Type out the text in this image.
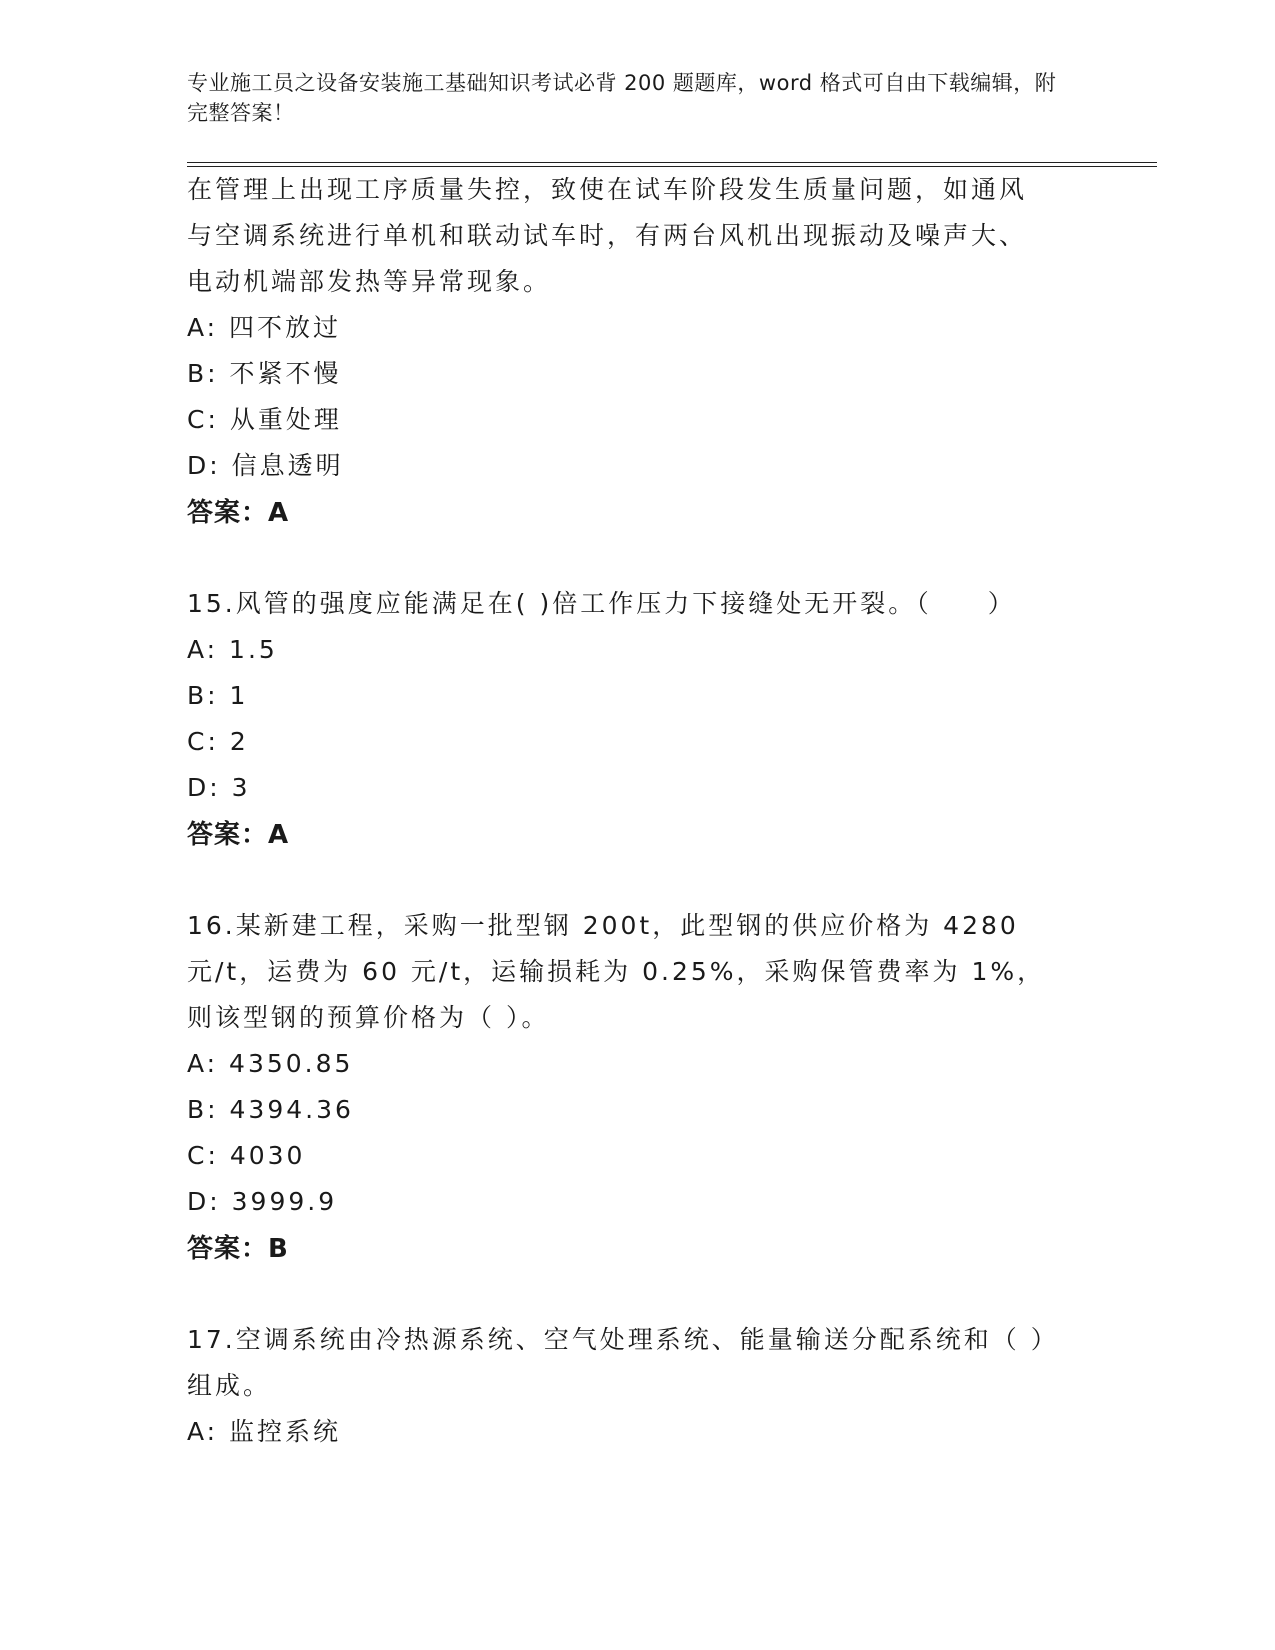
专业施工员之设备安装施工基础知识考试必背 200 题题库，word 格式可自由下载编辑，附完整答案！

在管理上出现工序质量失控，致使在试车阶段发生质量问题，如通风与空调系统进行单机和联动试车时，有两台风机出现振动及噪声大、电动机端部发热等异常现象。

A: 四不放过

B: 不紧不慢

C: 从重处理

D: 信息透明

答案：A

15.风管的强度应能满足在( )倍工作压力下接缝处无开裂。（　　）

A: 1.5

B: 1

C: 2

D: 3

答案：A

16.某新建工程，采购一批型钢 200t，此型钢的供应价格为 4280 元/t，运费为 60 元/t，运输损耗为 0.25%，采购保管费率为 1%，则该型钢的预算价格为（ ）。

A: 4350.85

B: 4394.36

C: 4030

D: 3999.9

答案：B

17.空调系统由冷热源系统、空气处理系统、能量输送分配系统和（ ）组成。

A: 监控系统
